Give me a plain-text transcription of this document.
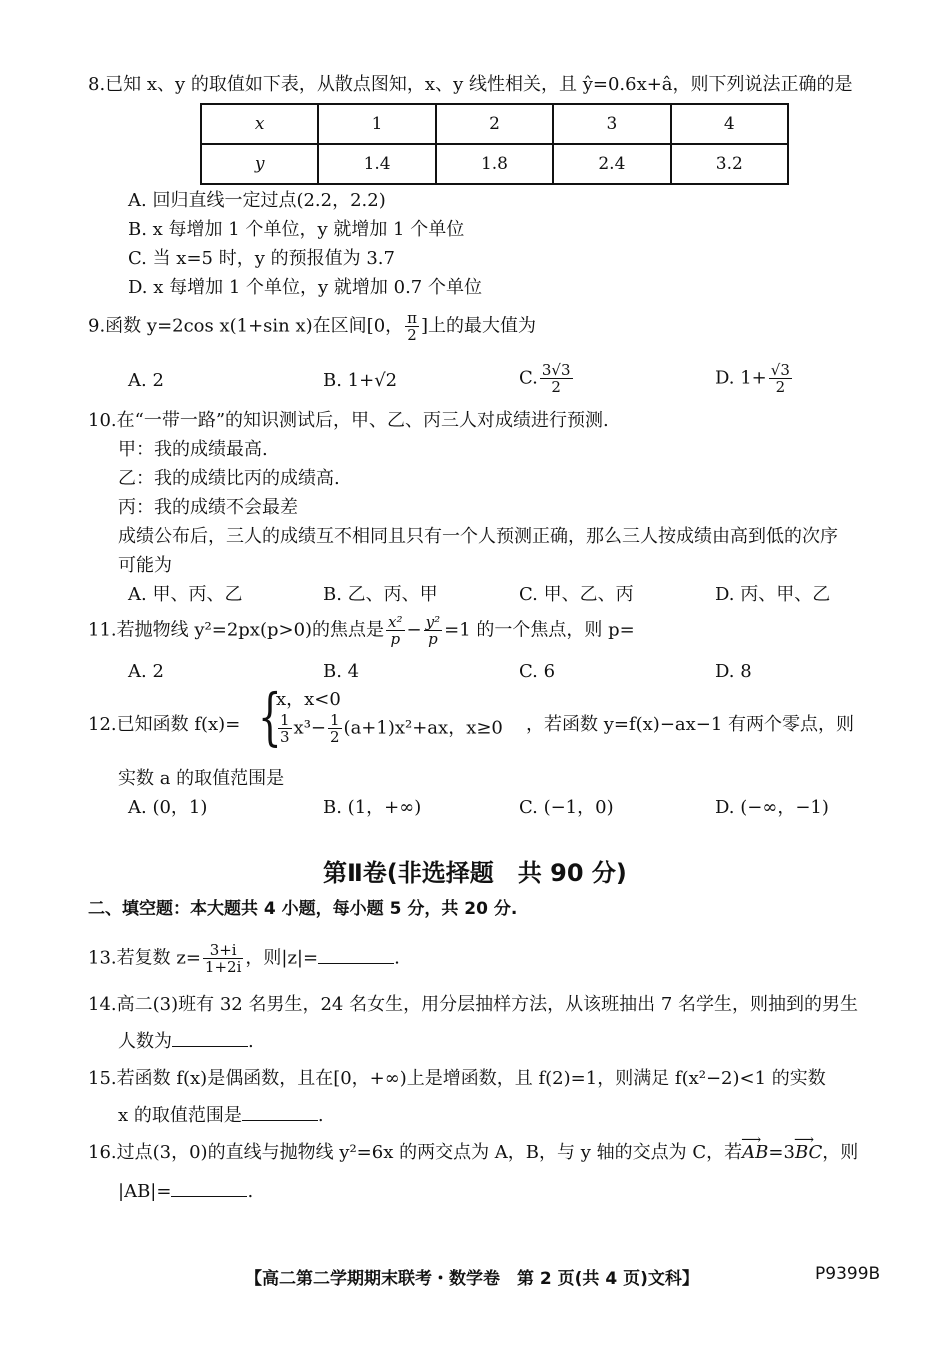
8.已知 x、y 的取值如下表，从散点图知，x、y 线性相关，且 ŷ=0.6x+â，则下列说法正确的是
x	1	2	3	4
y	1.4	1.8	2.4	3.2
A. 回归直线一定过点(2.2，2.2)
B. x 每增加 1 个单位，y 就增加 1 个单位
C. 当 x=5 时，y 的预报值为 3.7
D. x 每增加 1 个单位，y 就增加 0.7 个单位
9.函数 y=2cos x(1+sin x)在区间[0， $\frac{\pi}{2}$ ]上的最大值为
A. 2	B. 1+√2	C. $\frac{3√3}{2}$	D. $1+ \frac{√3}{2}$
10.在“一带一路”的知识测试后，甲、乙、丙三人对成绩进行预测.
甲：我的成绩最高.
乙：我的成绩比丙的成绩高.
丙：我的成绩不会最差
成绩公布后，三人的成绩互不相同且只有一个人预测正确，那么三人按成绩由高到低的次序
可能为
A. 甲、丙、乙	B. 乙、丙、甲	C. 甲、乙、丙	D. 丙、甲、乙
11.若抛物线 y²=2px(p>0)的焦点是 $\frac{\text{x²}}{p} - \frac{\text{y²}}{p} =1$ 的一个焦点，则 p=
A. 2	B. 4	C. 6	D. 8
12.已知函数 f(x)= {
x，x<0
$\frac{1}{3} x^3- \frac{1}{2} (a+1)x^2+ax$，x≥0 ，若函数 y=f(x)−ax−1 有两个零点，则
实数 a 的取值范围是
A. (0，1)	B. (1，+∞)	C. (−1，0)	D. (−∞，−1)
第Ⅱ卷(非选择题　共 90 分)
二、填空题：本大题共 4 小题，每小题 5 分，共 20 分.
13.若复数 $z= \frac{3+i}{1+2i}$ ，则|z|=	.
14.高二(3)班有 32 名男生，24 名女生，用分层抽样方法，从该班抽出 7 名学生，则抽到的男生
人数为	.
15.若函数 f(x)是偶函数，且在[0，+∞)上是增函数，且 f(2)=1，则满足 f(x²−2)<1 的实数
x 的取值范围是	.
16.过点(3，0)的直线与抛物线 y²=6x 的两交点为 A，B，与 y 轴的交点为 C，若⟶ AB=3⟶ BC，则
|AB|=	.
【高二第二学期期末联考・数学卷　第 2 页(共 4 页)文科】	P9399B
